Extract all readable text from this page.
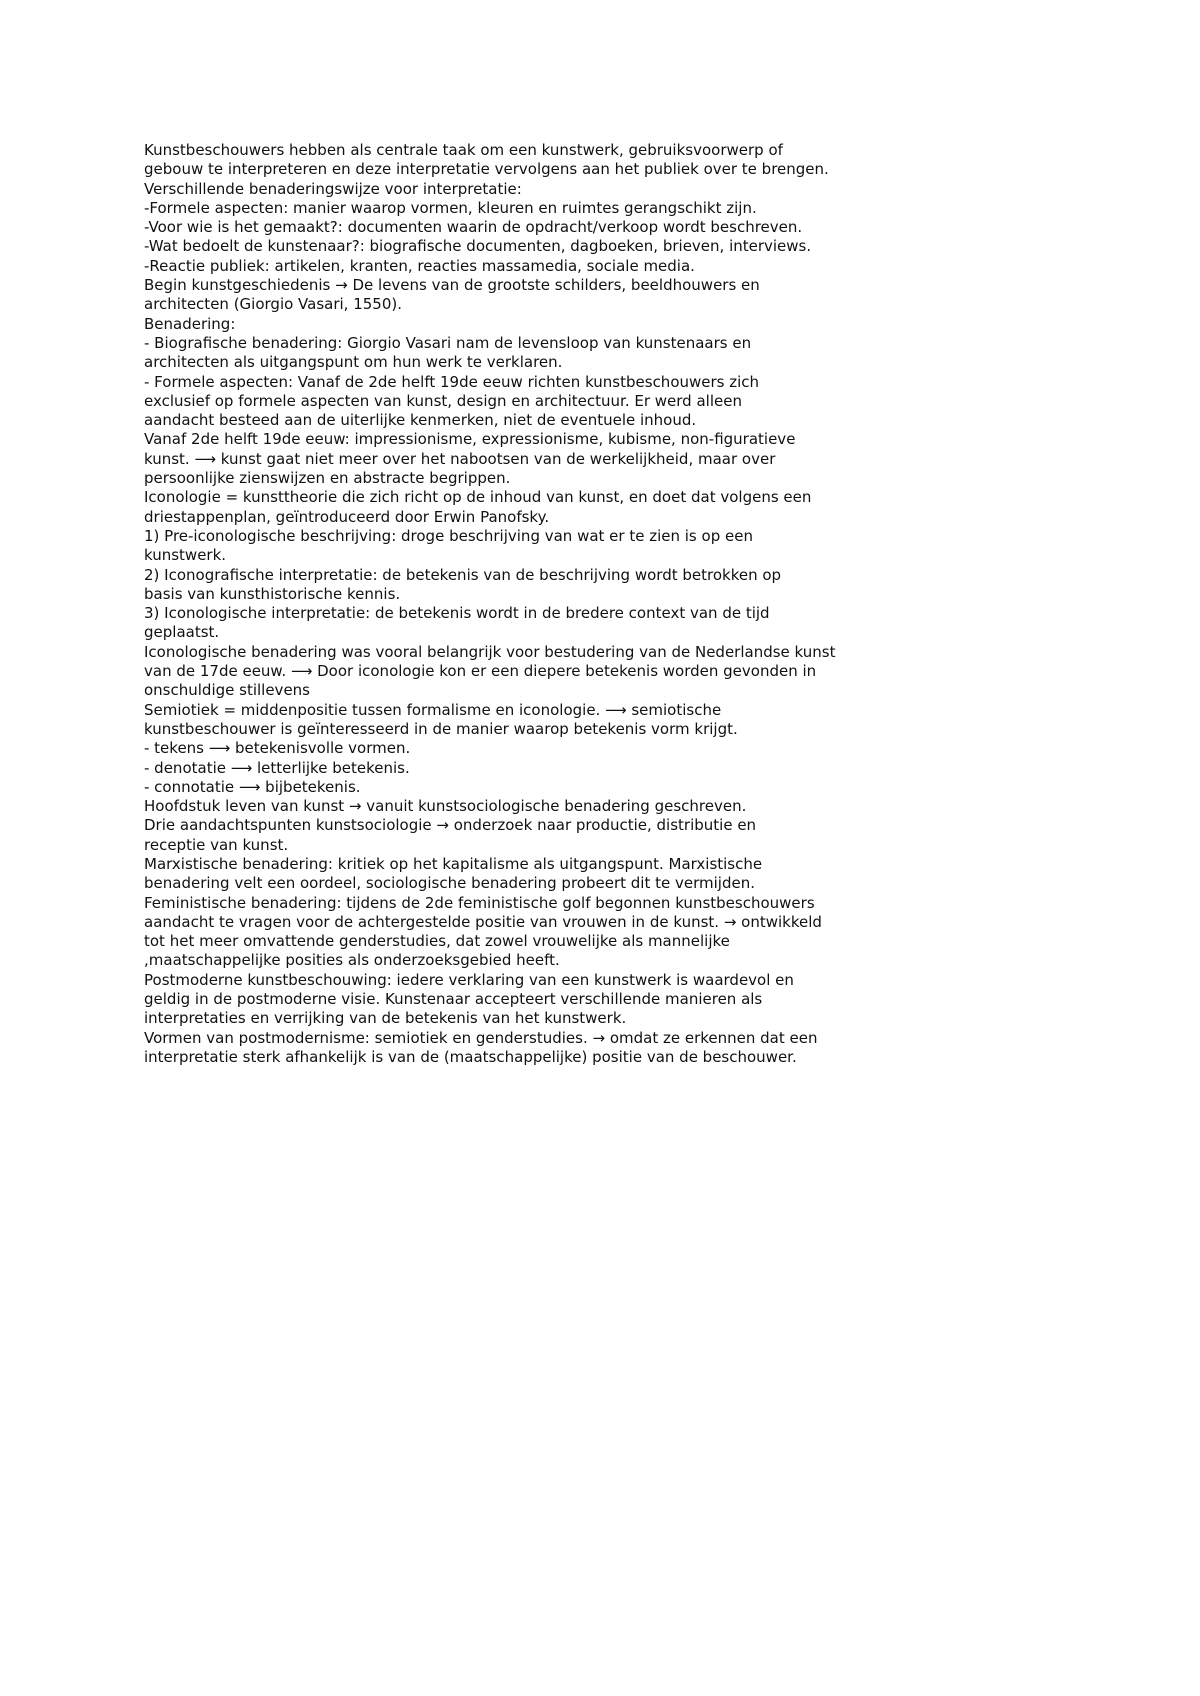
Kunstbeschouwers hebben als centrale taak om een kunstwerk, gebruiksvoorwerp of
gebouw te interpreteren en deze interpretatie vervolgens aan het publiek over te brengen.
Verschillende benaderingswijze voor interpretatie:
-Formele aspecten: manier waarop vormen, kleuren en ruimtes gerangschikt zijn.
-Voor wie is het gemaakt?: documenten waarin de opdracht/verkoop wordt beschreven.
-Wat bedoelt de kunstenaar?: biografische documenten, dagboeken, brieven, interviews.
-Reactie publiek: artikelen, kranten, reacties massamedia, sociale media.
Begin kunstgeschiedenis → De levens van de grootste schilders, beeldhouwers en
architecten (Giorgio Vasari, 1550).
Benadering:
- Biografische benadering: Giorgio Vasari nam de levensloop van kunstenaars en
architecten als uitgangspunt om hun werk te verklaren.
- Formele aspecten: Vanaf de 2de helft 19de eeuw richten kunstbeschouwers zich
exclusief op formele aspecten van kunst, design en architectuur. Er werd alleen
aandacht besteed aan de uiterlijke kenmerken, niet de eventuele inhoud.
Vanaf 2de helft 19de eeuw: impressionisme, expressionisme, kubisme, non-figuratieve
kunst. ⟶ kunst gaat niet meer over het nabootsen van de werkelijkheid, maar over
persoonlijke zienswijzen en abstracte begrippen.
Iconologie = kunsttheorie die zich richt op de inhoud van kunst, en doet dat volgens een
driestappenplan, geïntroduceerd door Erwin Panofsky.
1) Pre-iconologische beschrijving: droge beschrijving van wat er te zien is op een
kunstwerk.
2) Iconografische interpretatie: de betekenis van de beschrijving wordt betrokken op
basis van kunsthistorische kennis.
3) Iconologische interpretatie: de betekenis wordt in de bredere context van de tijd
geplaatst.
Iconologische benadering was vooral belangrijk voor bestudering van de Nederlandse kunst
van de 17de eeuw. ⟶ Door iconologie kon er een diepere betekenis worden gevonden in
onschuldige stillevens
Semiotiek = middenpositie tussen formalisme en iconologie. ⟶ semiotische
kunstbeschouwer is geïnteresseerd in de manier waarop betekenis vorm krijgt.
- tekens ⟶ betekenisvolle vormen.
- denotatie ⟶ letterlijke betekenis.
- connotatie ⟶ bijbetekenis.
Hoofdstuk leven van kunst → vanuit kunstsociologische benadering geschreven.
Drie aandachtspunten kunstsociologie → onderzoek naar productie, distributie en
receptie van kunst.
Marxistische benadering: kritiek op het kapitalisme als uitgangspunt. Marxistische
benadering velt een oordeel, sociologische benadering probeert dit te vermijden.
Feministische benadering: tijdens de 2de feministische golf begonnen kunstbeschouwers
aandacht te vragen voor de achtergestelde positie van vrouwen in de kunst. → ontwikkeld
tot het meer omvattende genderstudies, dat zowel vrouwelijke als mannelijke
,maatschappelijke posities als onderzoeksgebied heeft.
Postmoderne kunstbeschouwing: iedere verklaring van een kunstwerk is waardevol en
geldig in de postmoderne visie. Kunstenaar accepteert verschillende manieren als
interpretaties en verrijking van de betekenis van het kunstwerk.
Vormen van postmodernisme: semiotiek en genderstudies. → omdat ze erkennen dat een
interpretatie sterk afhankelijk is van de (maatschappelijke) positie van de beschouwer.
